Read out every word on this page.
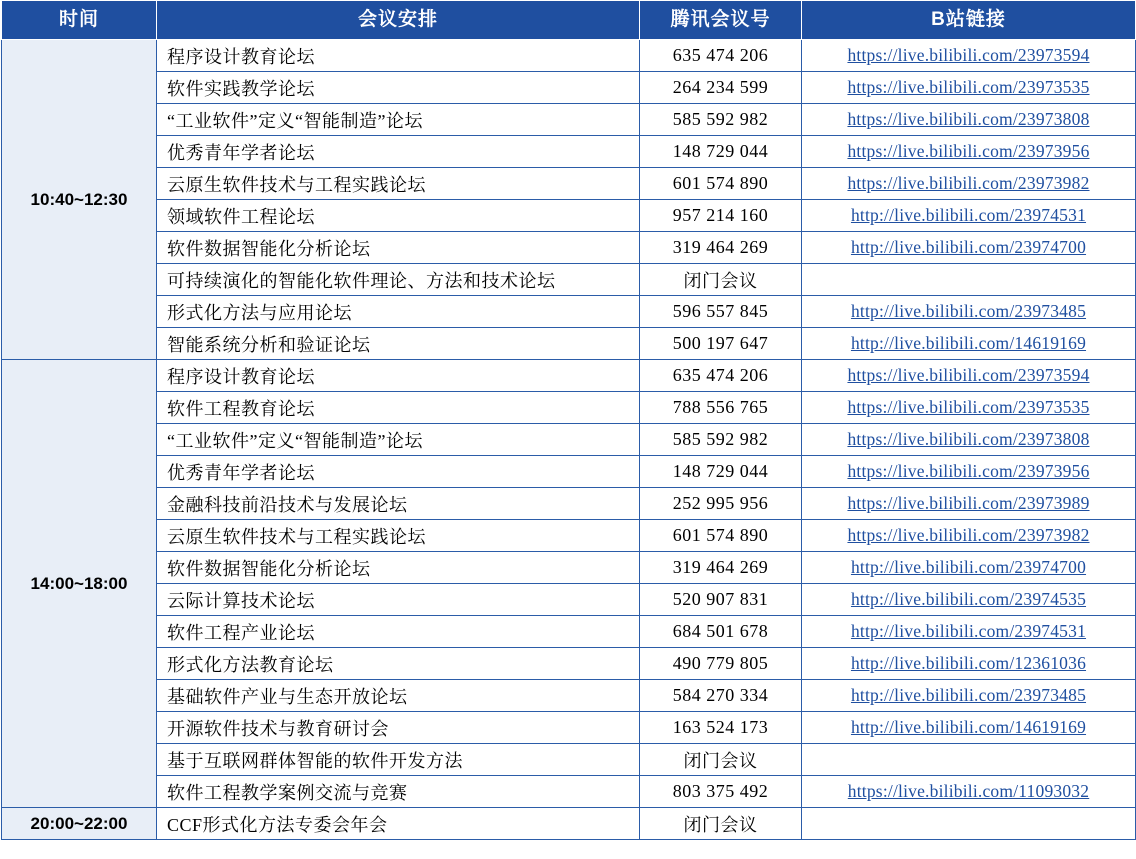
时间	会议安排	腾讯会议号	B站链接
10:40~12:30	程序设计教育论坛	635 474 206	https://live.bilibili.com/23973594
	软件实践教学论坛	264 234 599	https://live.bilibili.com/23973535
	“工业软件”定义“智能制造”论坛	585 592 982	https://live.bilibili.com/23973808
	优秀青年学者论坛	148 729 044	https://live.bilibili.com/23973956
	云原生软件技术与工程实践论坛	601 574 890	https://live.bilibili.com/23973982
	领域软件工程论坛	957 214 160	http://live.bilibili.com/23974531
	软件数据智能化分析论坛	319 464 269	http://live.bilibili.com/23974700
	可持续演化的智能化软件理论、方法和技术论坛	闭门会议	
	形式化方法与应用论坛	596 557 845	http://live.bilibili.com/23973485
	智能系统分析和验证论坛	500 197 647	http://live.bilibili.com/14619169
14:00~18:00	程序设计教育论坛	635 474 206	https://live.bilibili.com/23973594
	软件工程教育论坛	788 556 765	https://live.bilibili.com/23973535
	“工业软件”定义“智能制造”论坛	585 592 982	https://live.bilibili.com/23973808
	优秀青年学者论坛	148 729 044	https://live.bilibili.com/23973956
	金融科技前沿技术与发展论坛	252 995 956	https://live.bilibili.com/23973989
	云原生软件技术与工程实践论坛	601 574 890	https://live.bilibili.com/23973982
	软件数据智能化分析论坛	319 464 269	http://live.bilibili.com/23974700
	云际计算技术论坛	520 907 831	http://live.bilibili.com/23974535
	软件工程产业论坛	684 501 678	http://live.bilibili.com/23974531
	形式化方法教育论坛	490 779 805	http://live.bilibili.com/12361036
	基础软件产业与生态开放论坛	584 270 334	http://live.bilibili.com/23973485
	开源软件技术与教育研讨会	163 524 173	http://live.bilibili.com/14619169
	基于互联网群体智能的软件开发方法	闭门会议	
	软件工程教学案例交流与竞赛	803 375 492	https://live.bilibili.com/11093032
20:00~22:00	CCF形式化方法专委会年会	闭门会议	
